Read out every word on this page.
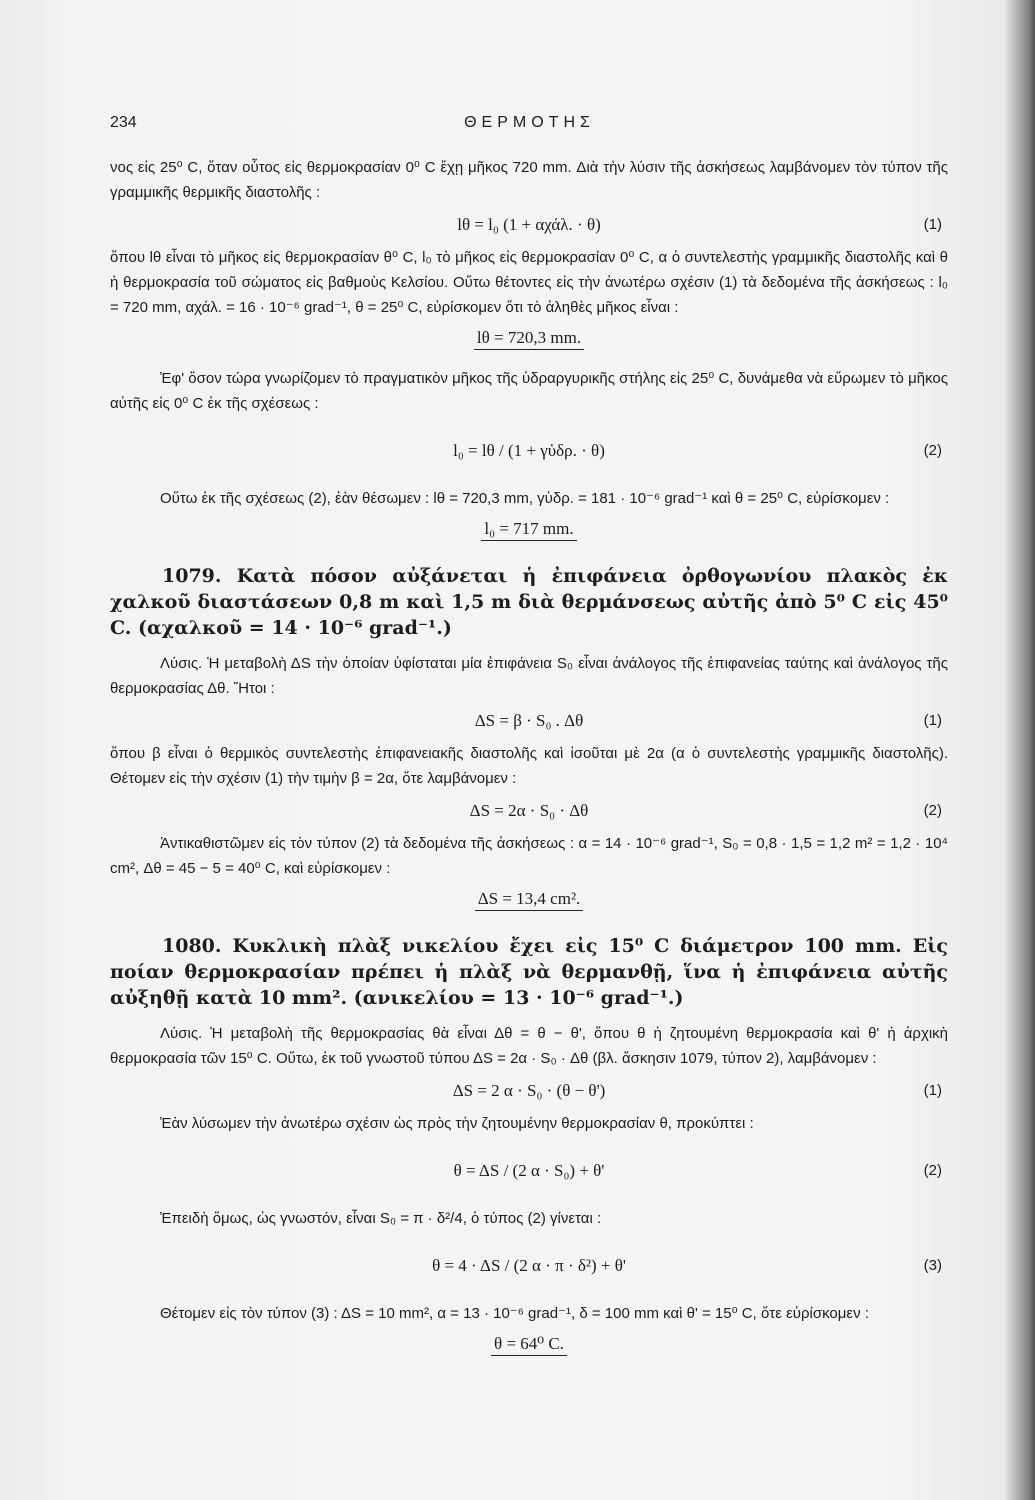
234	ΘΕΡΜΟΤΗΣ

νος εἰς 25⁰ C, ὅταν οὗτος εἰς θερμοκρασίαν 0⁰ C ἔχῃ μῆκος 720 mm. Διὰ τὴν λύσιν τῆς ἀσκήσεως λαμβάνομεν τὸν τύπον τῆς γραμμικῆς θερμικῆς διαστολῆς :

lθ = l₀ (1 + αχάλ. · θ)	(1)

ὅπου lθ εἶναι τὸ μῆκος εἰς θερμοκρασίαν θ⁰ C, l₀ τὸ μῆκος εἰς θερμοκρασίαν 0⁰ C, α ὁ συντελεστὴς γραμμικῆς διαστολῆς καὶ θ ἡ θερμοκρασία τοῦ σώματος εἰς βαθμοὺς Κελσίου. Οὕτω θέτοντες εἰς τὴν ἀνωτέρω σχέσιν (1) τὰ δεδομένα τῆς ἀσκήσεως : l₀ = 720 mm, αχάλ. = 16 · 10⁻⁶ grad⁻¹, θ = 25⁰ C, εὑρίσκομεν ὅτι τὸ ἀληθὲς μῆκος εἶναι :

lθ = 720,3 mm.

Ἐφ' ὅσον τώρα γνωρίζομεν τὸ πραγματικὸν μῆκος τῆς ὑδραργυρικῆς στήλης εἰς 25⁰ C, δυνάμεθα νὰ εὕρωμεν τὸ μῆκος αὐτῆς εἰς 0⁰ C ἐκ τῆς σχέσεως :

l₀ = lθ / (1 + γὑδρ. · θ)	(2)

Οὕτω ἐκ τῆς σχέσεως (2), ἐὰν θέσωμεν : lθ = 720,3 mm, γὑδρ. = 181 · 10⁻⁶ grad⁻¹ καὶ θ = 25⁰ C, εὑρίσκομεν :

l₀ = 717 mm.

1079. Κατὰ πόσον αὐξάνεται ἡ ἐπιφάνεια ὀρθογωνίου πλακὸς ἐκ χαλκοῦ διαστάσεων 0,8 m καὶ 1,5 m διὰ θερμάνσεως αὐτῆς ἀπὸ 5⁰ C εἰς 45⁰ C. (αχαλκοῦ = 14 · 10⁻⁶ grad⁻¹.)

Λύσις. Ἡ μεταβολὴ ΔS τὴν ὁποίαν ὑφίσταται μία ἐπιφάνεια S₀ εἶναι ἀνάλογος τῆς ἐπιφανείας ταύτης καὶ ἀνάλογος τῆς θερμοκρασίας Δθ. Ἤτοι :

ΔS = β · S₀ . Δθ	(1)

ὅπου β εἶναι ὁ θερμικὸς συντελεστὴς ἐπιφανειακῆς διαστολῆς καὶ ἰσοῦται μὲ 2α (α ὁ συντελεστὴς γραμμικῆς διαστολῆς). Θέτομεν εἰς τὴν σχέσιν (1) τὴν τιμὴν β = 2α, ὅτε λαμβάνομεν :

ΔS = 2α · S₀ · Δθ	(2)

Ἀντικαθιστῶμεν εἰς τὸν τύπον (2) τὰ δεδομένα τῆς ἀσκήσεως : α = 14 · 10⁻⁶ grad⁻¹, S₀ = 0,8 · 1,5 = 1,2 m² = 1,2 · 10⁴ cm², Δθ = 45 − 5 = 40⁰ C, καὶ εὑρίσκομεν :

ΔS = 13,4 cm².

1080. Κυκλικὴ πλὰξ νικελίου ἔχει εἰς 15⁰ C διάμετρον 100 mm. Εἰς ποίαν θερμοκρασίαν πρέπει ἡ πλὰξ νὰ θερμανθῇ, ἵνα ἡ ἐπιφάνεια αὐτῆς αὐξηθῇ κατὰ 10 mm². (ανικελίου = 13 · 10⁻⁶ grad⁻¹.)

Λύσις. Ἡ μεταβολὴ τῆς θερμοκρασίας θὰ εἶναι Δθ = θ − θ', ὅπου θ ἡ ζητουμένη θερμοκρασία καὶ θ' ἡ ἀρχικὴ θερμοκρασία τῶν 15⁰ C. Οὕτω, ἐκ τοῦ γνωστοῦ τύπου ΔS = 2α · S₀ · Δθ (βλ. ἄσκησιν 1079, τύπον 2), λαμβάνομεν :

ΔS = 2 α · S₀ · (θ − θ')	(1)

Ἐὰν λύσωμεν τὴν ἀνωτέρω σχέσιν ὡς πρὸς τὴν ζητουμένην θερμοκρασίαν θ, προκύπτει :

θ = ΔS / (2 α · S₀) + θ'	(2)

Ἐπειδὴ ὅμως, ὡς γνωστόν, εἶναι S₀ = π · δ²/4, ὁ τύπος (2) γίνεται :

θ = 4 · ΔS / (2 α · π · δ²) + θ'	(3)

Θέτομεν εἰς τὸν τύπον (3) : ΔS = 10 mm², α = 13 · 10⁻⁶ grad⁻¹, δ = 100 mm καὶ θ' = 15⁰ C, ὅτε εὑρίσκομεν :

θ = 64⁰ C.
